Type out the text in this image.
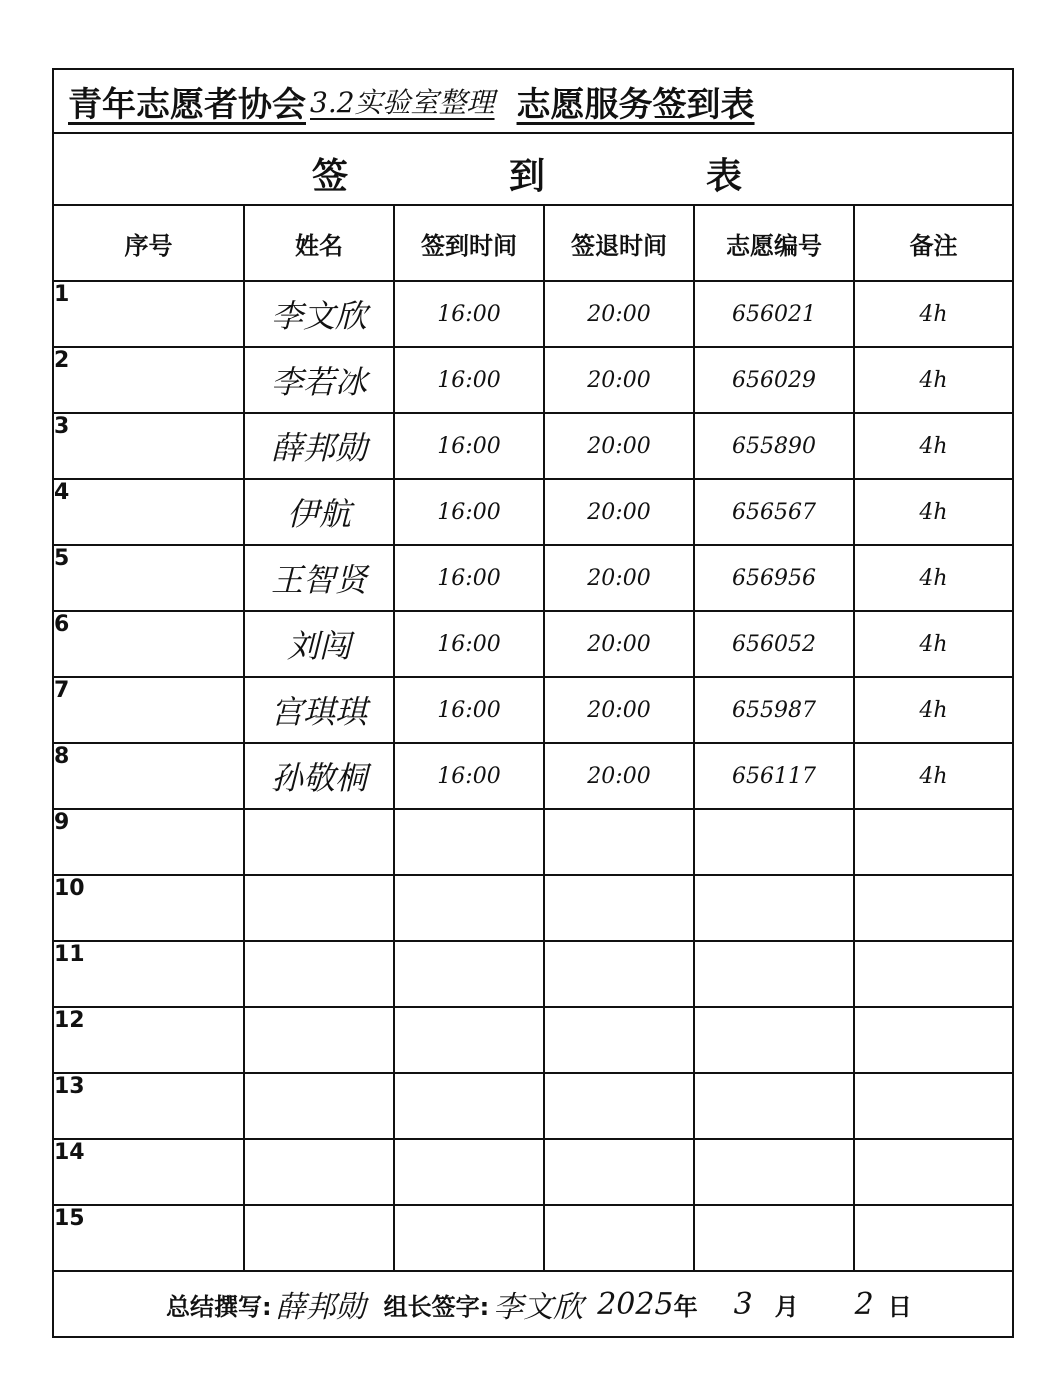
青年志愿者协会 3.2实验室整理 志愿服务签到表
签	到	表
序号	姓名	签到时间	签退时间	志愿编号	备注
1	李文欣	16:00	20:00	656021	4h
2	李若冰	16:00	20:00	656029	4h
3	薛邦勋	16:00	20:00	655890	4h
4	伊航	16:00	20:00	656567	4h
5	王智贤	16:00	20:00	656956	4h
6	刘闯	16:00	20:00	656052	4h
7	宫琪琪	16:00	20:00	655987	4h
8	孙敬桐	16:00	20:00	656117	4h
9					
10					
11					
12					
13					
14					
15					
总结撰写: 薛邦勋 组长签字: 李文欣 2025 年 3 月 2 日
